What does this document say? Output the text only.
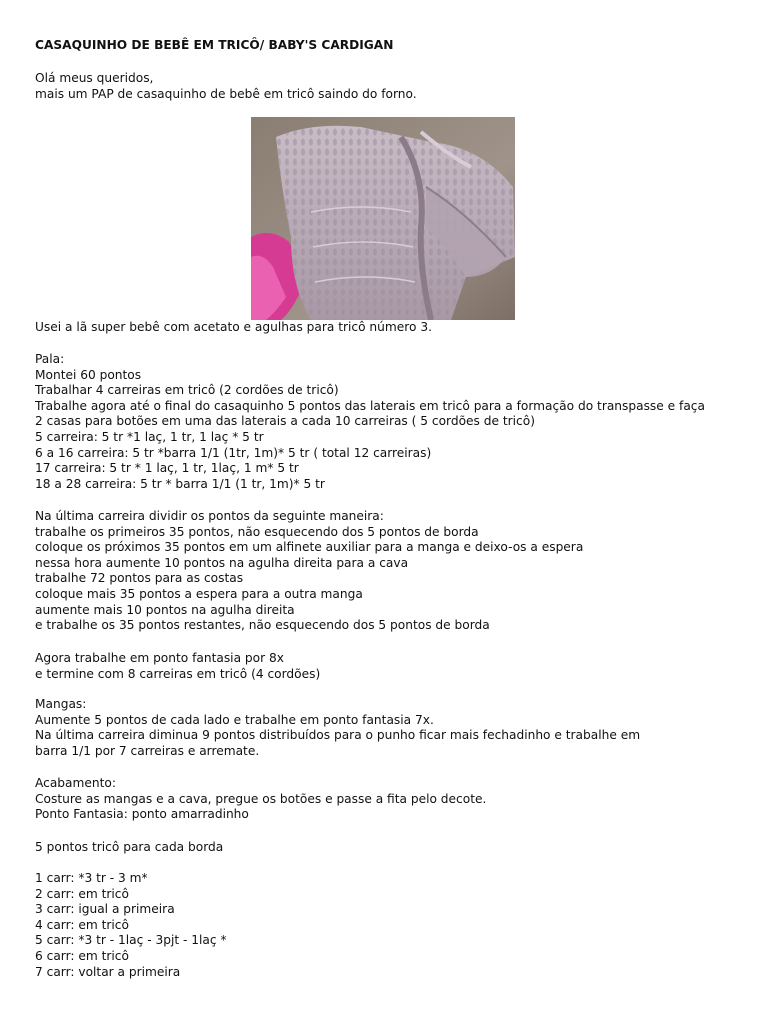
CASAQUINHO DE BEBÊ EM TRICÔ/ BABY'S CARDIGAN
Olá meus queridos,
mais um PAP de casaquinho de bebê em tricô saindo do forno.
Usei a lã super bebê com acetato e agulhas para tricô número 3.
Pala:
Montei 60 pontos
Trabalhar 4 carreiras em tricô (2 cordões de tricô)
Trabalhe agora até o final do casaquinho 5 pontos das laterais em tricô para a formação do transpasse e faça
2 casas para botões em uma das laterais a cada 10 carreiras ( 5 cordões de tricô)
5 carreira: 5 tr *1 laç, 1 tr, 1 laç * 5 tr
6 a 16 carreira: 5 tr *barra 1/1 (1tr, 1m)* 5 tr ( total 12 carreiras)
17 carreira: 5 tr * 1 laç, 1 tr, 1laç, 1 m* 5 tr
18 a 28 carreira: 5 tr * barra 1/1 (1 tr, 1m)* 5 tr
Na última carreira dividir os pontos da seguinte maneira:
trabalhe os primeiros 35 pontos, não esquecendo dos 5 pontos de borda
coloque os próximos 35 pontos em um alfinete auxiliar para a manga e deixo-os a espera
nessa hora aumente 10 pontos na agulha direita para a cava
trabalhe 72 pontos para as costas
coloque mais 35 pontos a espera para a outra manga
aumente mais 10 pontos na agulha direita
e trabalhe os 35 pontos restantes, não esquecendo dos 5 pontos de borda
Agora trabalhe em ponto fantasia por 8x
e termine com 8 carreiras em tricô (4 cordões)
Mangas:
Aumente 5 pontos de cada lado e trabalhe em ponto fantasia 7x.
Na última carreira diminua 9 pontos distribuídos para o punho ficar mais fechadinho e trabalhe em
barra 1/1 por 7 carreiras e arremate.
Acabamento:
Costure as mangas e a cava, pregue os botões e passe a fita pelo decote.
Ponto Fantasia: ponto amarradinho
5 pontos tricô para cada borda
1 carr: *3 tr - 3 m*
2 carr: em tricô
3 carr: igual a primeira
4 carr: em tricô
5 carr: *3 tr - 1laç - 3pjt - 1laç *
6 carr: em tricô
7 carr: voltar a primeira
